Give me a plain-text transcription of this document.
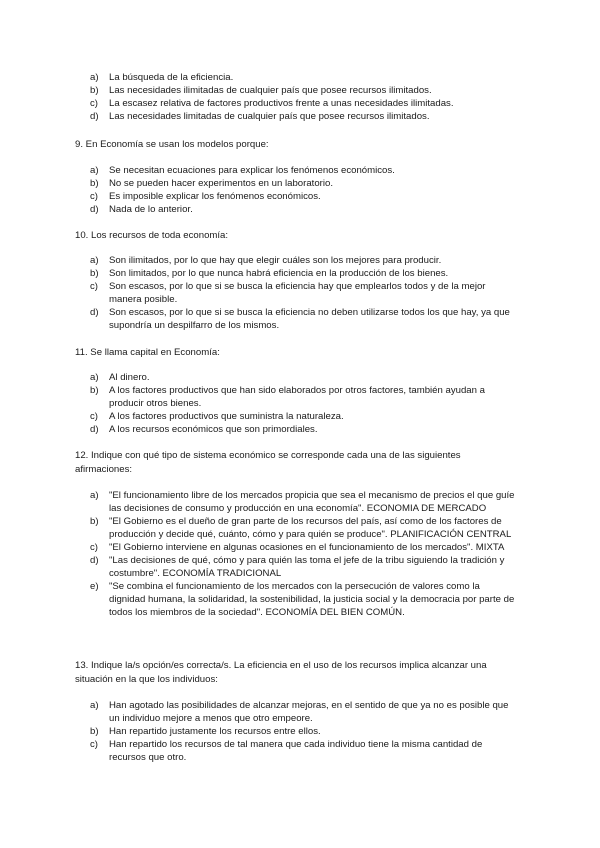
a) La búsqueda de la eficiencia.
b) Las necesidades ilimitadas de cualquier país que posee recursos ilimitados.
c) La escasez relativa de factores productivos frente a unas necesidades ilimitadas.
d) Las necesidades limitadas de cualquier país que posee recursos ilimitados.
9. En Economía se usan los modelos porque:
a) Se necesitan ecuaciones para explicar los fenómenos económicos.
b) No se pueden hacer experimentos en un laboratorio.
c) Es imposible explicar los fenómenos económicos.
d) Nada de lo anterior.
10. Los recursos de toda economía:
a) Son ilimitados, por lo que hay que elegir cuáles son los mejores para producir.
b) Son limitados, por lo que nunca habrá eficiencia en la producción de los bienes.
c) Son escasos, por lo que si se busca la eficiencia hay que emplearlos todos y de la mejor manera posible.
d) Son escasos, por lo que si se busca la eficiencia no deben utilizarse todos los que hay, ya que supondría un despilfarro de los mismos.
11. Se llama capital en Economía:
a) Al dinero.
b) A los factores productivos que han sido elaborados por otros factores, también ayudan a producir otros bienes.
c) A los factores productivos que suministra la naturaleza.
d) A los recursos económicos que son primordiales.
12. Indique con qué tipo de sistema económico se corresponde cada una de las siguientes afirmaciones:
a) "El funcionamiento libre de los mercados propicia que sea el mecanismo de precios el que guíe las decisiones de consumo y producción en una economía". ECONOMIA DE MERCADO
b) "El Gobierno es el dueño de gran parte de los recursos del país, así como de los factores de producción y decide qué, cuánto, cómo y para quién se produce". PLANIFICACIÓN CENTRAL
c) "El Gobierno interviene en algunas ocasiones en el funcionamiento de los mercados". MIXTA
d) "Las decisiones de qué, cómo y para quién las toma el jefe de la tribu siguiendo la tradición y costumbre". ECONOMÍA TRADICIONAL
e) "Se combina el funcionamiento de los mercados con la persecución de valores como la dignidad humana, la solidaridad, la sostenibilidad, la justicia social y la democracia por parte de todos los miembros de la sociedad". ECONOMÍA DEL BIEN COMÚN.
13. Indique la/s opción/es correcta/s. La eficiencia en el uso de los recursos implica alcanzar una situación en la que los individuos:
a) Han agotado las posibilidades de alcanzar mejoras, en el sentido de que ya no es posible que un individuo mejore a menos que otro empeore.
b) Han repartido justamente los recursos entre ellos.
c) Han repartido los recursos de tal manera que cada individuo tiene la misma cantidad de recursos que otro.
